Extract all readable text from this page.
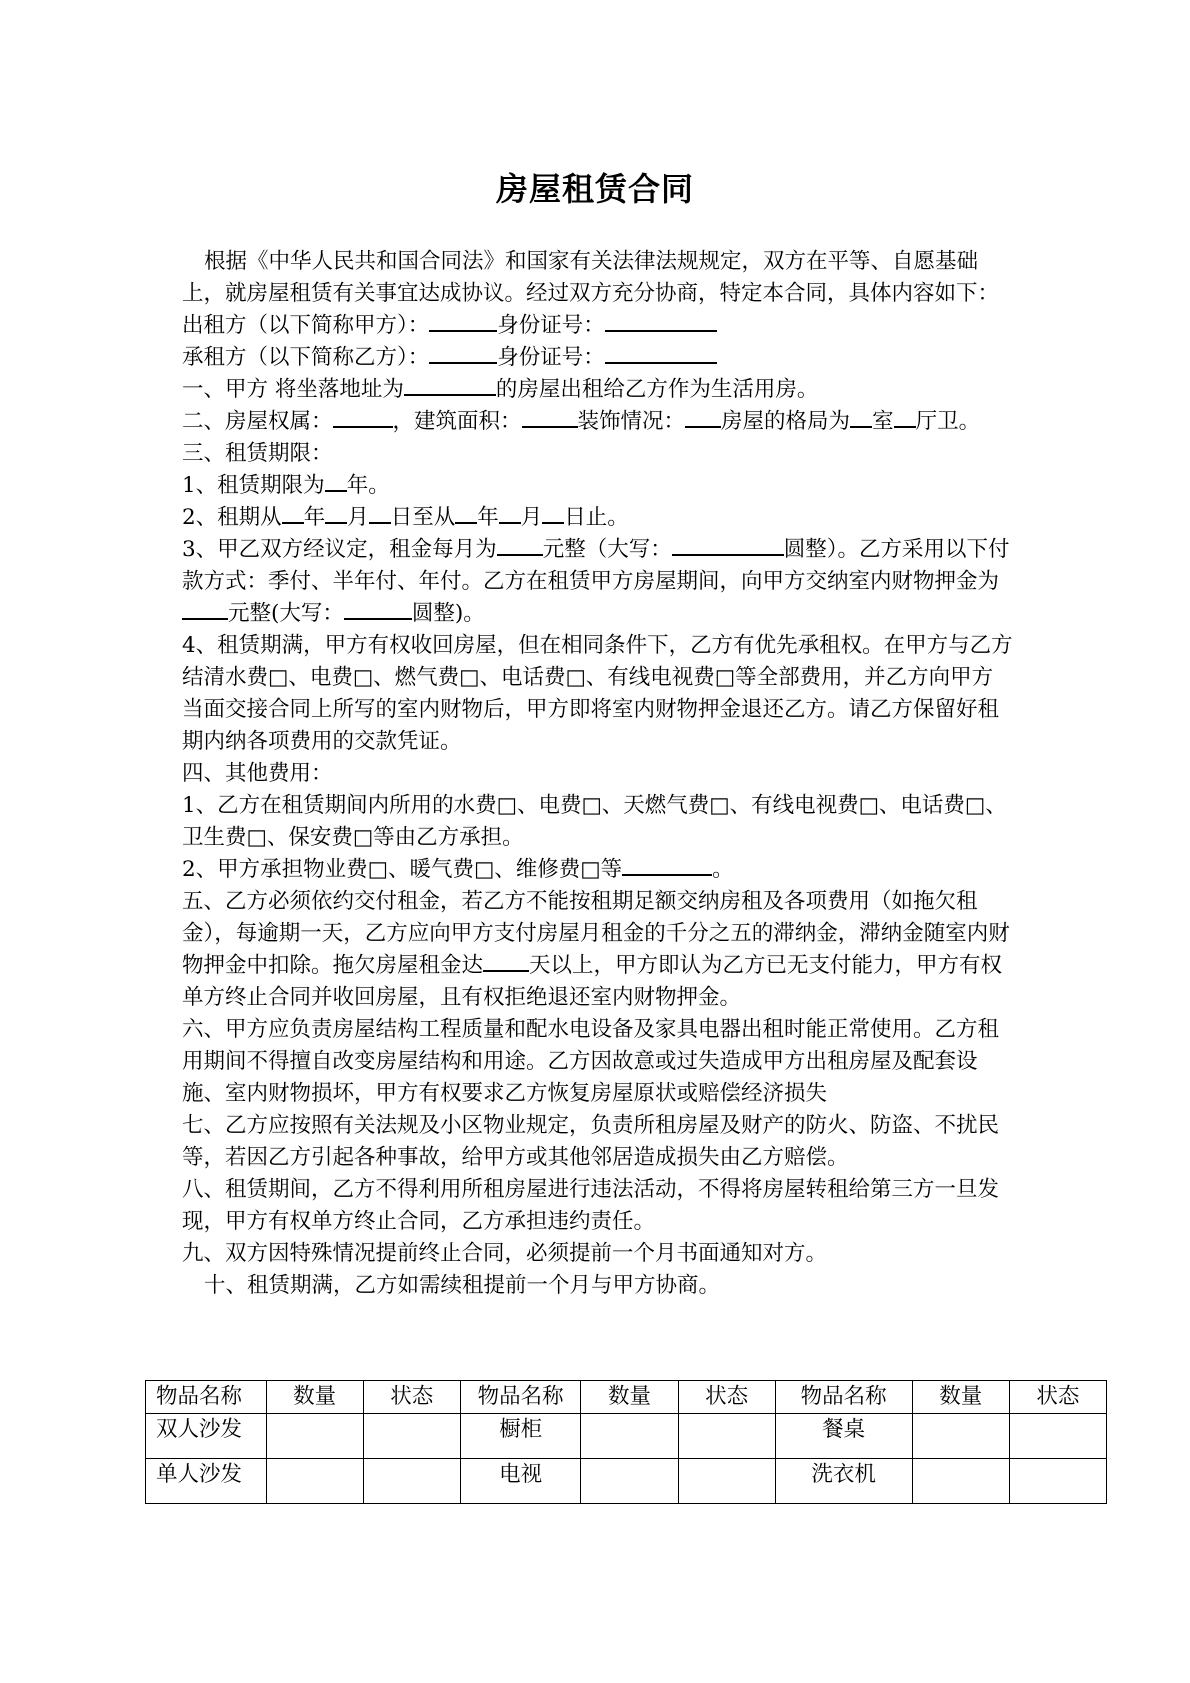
房屋租赁合同

根据《中华人民共和国合同法》和国家有关法律法规规定，双方在平等、自愿基础上，就房屋租赁有关事宜达成协议。经过双方充分协商，特定本合同，具体内容如下：

出租方（以下简称甲方）：	身份证号：

承租方（以下简称乙方）：	身份证号：

一、甲方 将坐落地址为	的房屋出租给乙方作为生活用房。

二、房屋权属：	，建筑面积：	装饰情况： 房屋的格局为 室 厅卫。

三、租赁期限：

1、租赁期限为 年。

2、租期从 年 月 日至从 年 月 日止。

3、甲乙双方经议定，租金每月为 元整（大写：	圆整）。乙方采用以下付款方式：季付、半年付、年付。乙方在租赁甲方房屋期间，向甲方交纳室内财物押金为元整(大写：	圆整)。

4、租赁期满，甲方有权收回房屋，但在相同条件下，乙方有优先承租权。在甲方与乙方结清水费□、电费□、燃气费□、电话费□、有线电视费□等全部费用，并乙方向甲方当面交接合同上所写的室内财物后，甲方即将室内财物押金退还乙方。请乙方保留好租期内纳各项费用的交款凭证。

四、其他费用：

1、乙方在租赁期间内所用的水费□、电费□、天燃气费□、有线电视费□、电话费□、卫生费□、保安费□等由乙方承担。

2、甲方承担物业费□、暖气费□、维修费□等	。

五、乙方必须依约交付租金，若乙方不能按租期足额交纳房租及各项费用（如拖欠租金），每逾期一天，乙方应向甲方支付房屋月租金的千分之五的滞纳金，滞纳金随室内财物押金中扣除。拖欠房屋租金达 天以上，甲方即认为乙方已无支付能力，甲方有权单方终止合同并收回房屋，且有权拒绝退还室内财物押金。

六、甲方应负责房屋结构工程质量和配水电设备及家具电器出租时能正常使用。乙方租用期间不得擅自改变房屋结构和用途。乙方因故意或过失造成甲方出租房屋及配套设施、室内财物损坏，甲方有权要求乙方恢复房屋原状或赔偿经济损失

七、乙方应按照有关法规及小区物业规定，负责所租房屋及财产的防火、防盗、不扰民等，若因乙方引起各种事故，给甲方或其他邻居造成损失由乙方赔偿。

八、租赁期间，乙方不得利用所租房屋进行违法活动，不得将房屋转租给第三方一旦发现，甲方有权单方终止合同，乙方承担违约责任。

九、双方因特殊情况提前终止合同，必须提前一个月书面通知对方。

十、租赁期满，乙方如需续租提前一个月与甲方协商。

物品名称	数量	状态	物品名称	数量	状态	物品名称	数量	状态
双人沙发			橱柜			餐桌		
单人沙发			电视			洗衣机		
